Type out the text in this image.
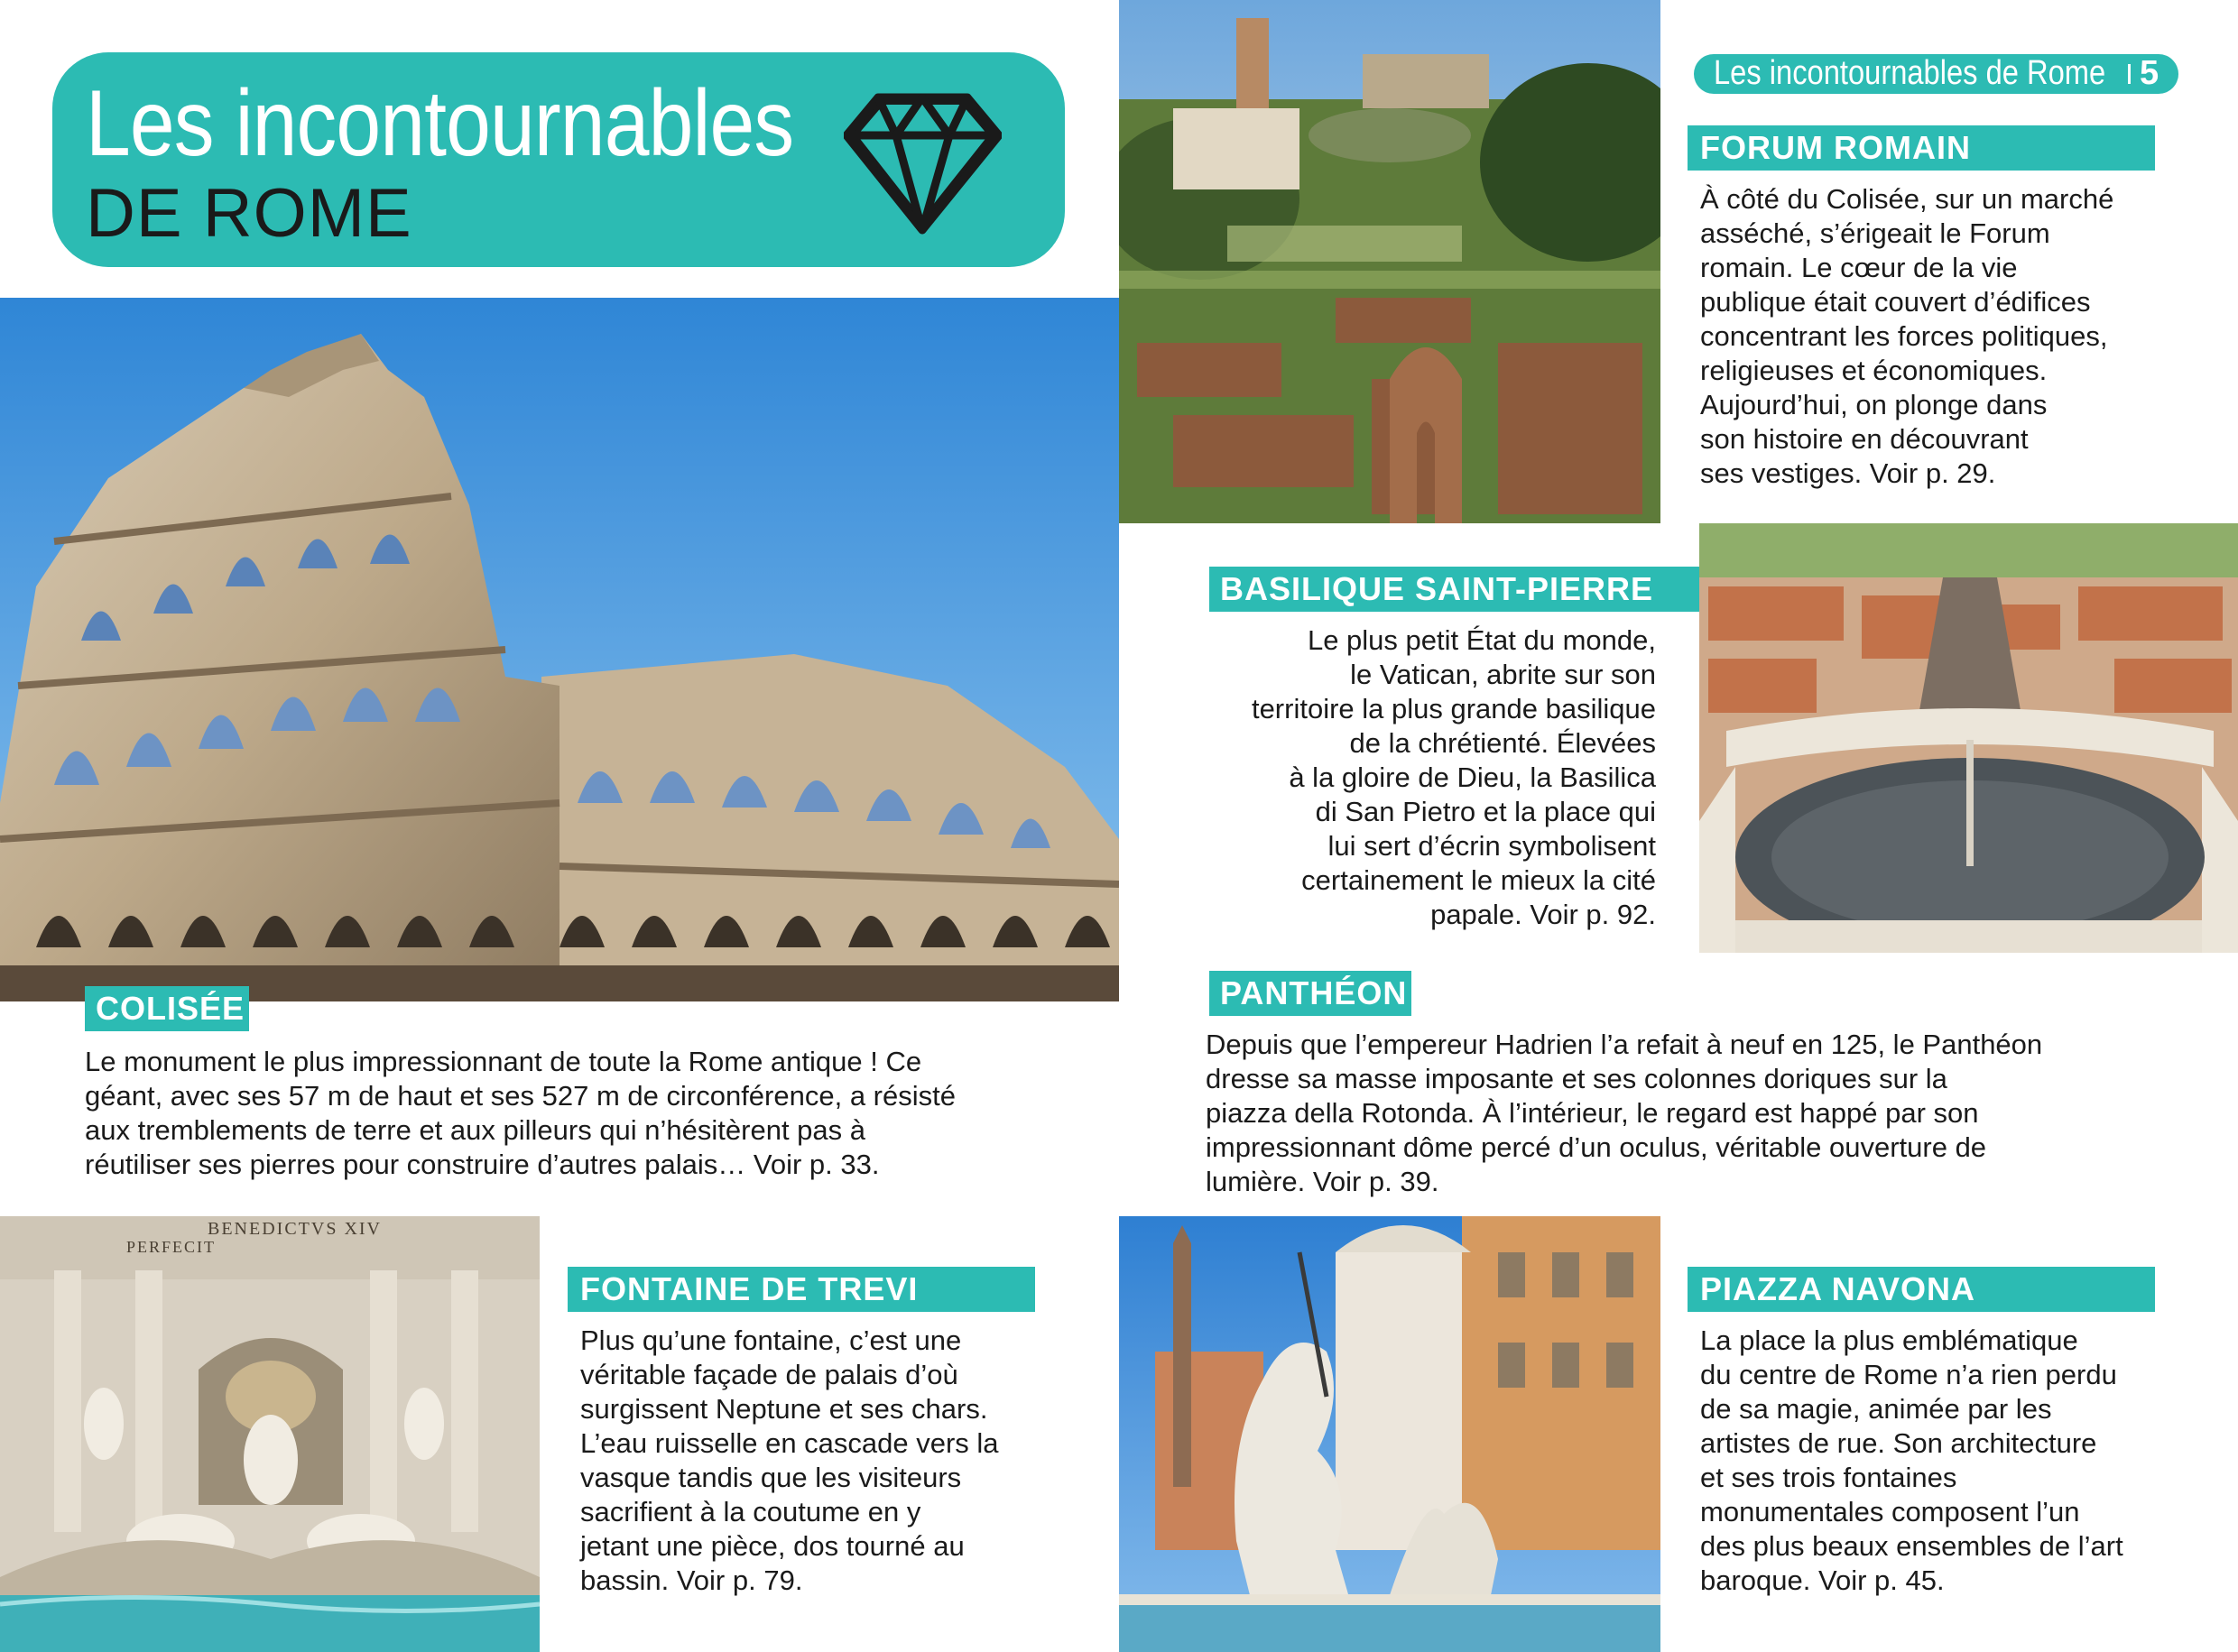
Les incontournables
DE ROME
Les incontournables de Rome 5
BENEDICTVS XIV
PERFECIT
COLISÉE
FORUM ROMAIN
BASILIQUE SAINT-PIERRE
PANTHÉON
FONTAINE DE TREVI	PIAZZA NAVONA
Le monument le plus impressionnant de toute la Rome antique ! Ce
géant, avec ses 57 m de haut et ses 527 m de circonférence, a résisté
aux tremblements de terre et aux pilleurs qui n’hésitèrent pas à
réutiliser ses pierres pour construire d’autres palais… Voir p. 33.
À côté du Colisée, sur un marché
asséché, s’érigeait le Forum
romain. Le cœur de la vie
publique était couvert d’édifices
concentrant les forces politiques,
religieuses et économiques.
Aujourd’hui, on plonge dans
son histoire en découvrant
ses vestiges. Voir p. 29.
Le plus petit État du monde,
le Vatican, abrite sur son
territoire la plus grande basilique
de la chrétienté. Élevées
à la gloire de Dieu, la Basilica
di San Pietro et la place qui
lui sert d’écrin symbolisent
certainement le mieux la cité
papale. Voir p. 92.
Depuis que l’empereur Hadrien l’a refait à neuf en 125, le Panthéon
dresse sa masse imposante et ses colonnes doriques sur la
piazza della Rotonda. À l’intérieur, le regard est happé par son
impressionnant dôme percé d’un oculus, véritable ouverture de
lumière. Voir p. 39.
Plus qu’une fontaine, c’est une
véritable façade de palais d’où
surgissent Neptune et ses chars.
L’eau ruisselle en cascade vers la
vasque tandis que les visiteurs
sacrifient à la coutume en y
jetant une pièce, dos tourné au
bassin. Voir p. 79.
La place la plus emblématique
du centre de Rome n’a rien perdu
de sa magie, animée par les
artistes de rue. Son architecture
et ses trois fontaines
monumentales composent l’un
des plus beaux ensembles de l’art
baroque. Voir p. 45.
